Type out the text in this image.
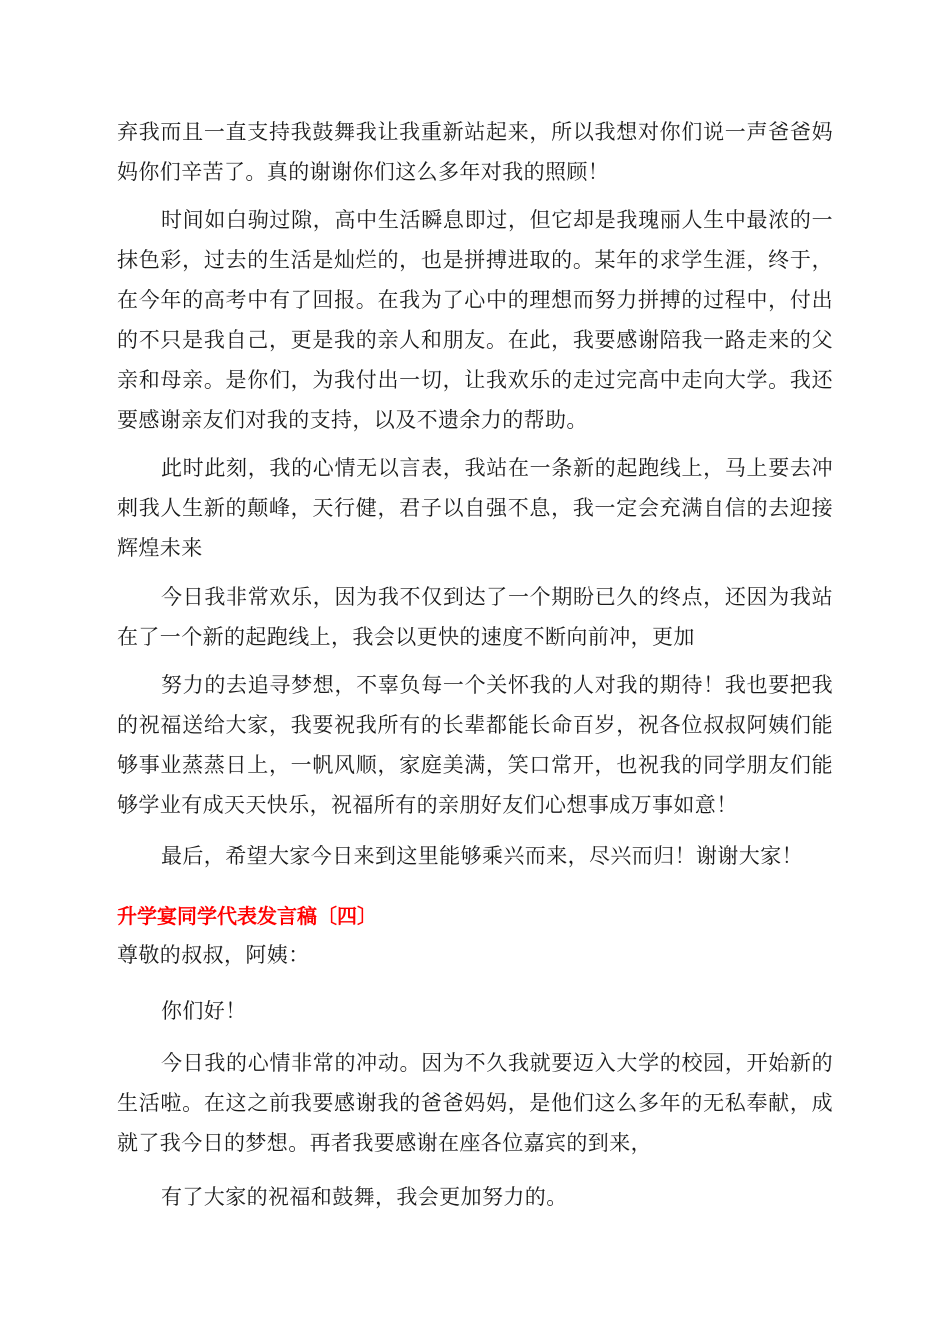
弃我而且一直支持我鼓舞我让我重新站起来，所以我想对你们说一声爸爸妈妈你们辛苦了。真的谢谢你们这么多年对我的照顾！

时间如白驹过隙，高中生活瞬息即过，但它却是我瑰丽人生中最浓的一抹色彩，过去的生活是灿烂的，也是拼搏进取的。某年的求学生涯，终于，在今年的高考中有了回报。在我为了心中的理想而努力拼搏的过程中，付出的不只是我自己，更是我的亲人和朋友。在此，我要感谢陪我一路走来的父亲和母亲。是你们，为我付出一切，让我欢乐的走过完高中走向大学。我还要感谢亲友们对我的支持，以及不遗余力的帮助。

此时此刻，我的心情无以言表，我站在一条新的起跑线上，马上要去冲刺我人生新的颠峰，天行健，君子以自强不息，我一定会充满自信的去迎接辉煌未来

今日我非常欢乐，因为我不仅到达了一个期盼已久的终点，还因为我站在了一个新的起跑线上，我会以更快的速度不断向前冲，更加

努力的去追寻梦想，不辜负每一个关怀我的人对我的期待！我也要把我的祝福送给大家，我要祝我所有的长辈都能长命百岁，祝各位叔叔阿姨们能够事业蒸蒸日上，一帆风顺，家庭美满，笑口常开，也祝我的同学朋友们能够学业有成天天快乐，祝福所有的亲朋好友们心想事成万事如意！

最后，希望大家今日来到这里能够乘兴而来，尽兴而归！谢谢大家！

升学宴同学代表发言稿〔四〕

尊敬的叔叔，阿姨：

你们好！

今日我的心情非常的冲动。因为不久我就要迈入大学的校园，开始新的生活啦。在这之前我要感谢我的爸爸妈妈，是他们这么多年的无私奉献，成就了我今日的梦想。再者我要感谢在座各位嘉宾的到来，

有了大家的祝福和鼓舞，我会更加努力的。
